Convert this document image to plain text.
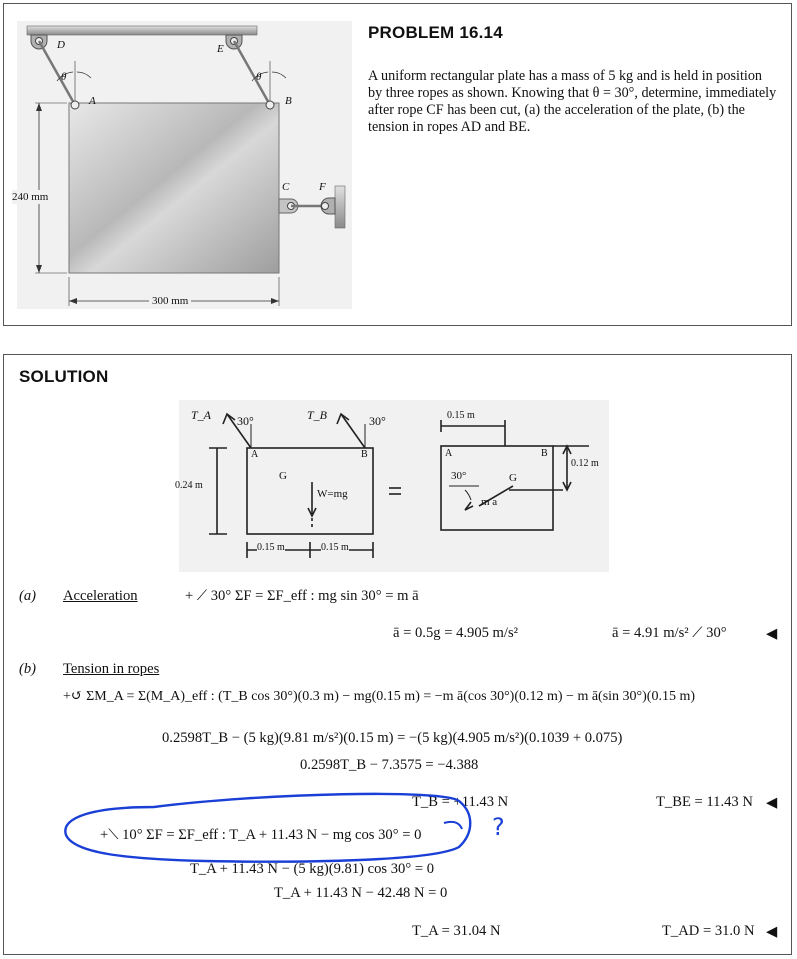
D	E
θ	θ
A	B
C	F
240 mm
300 mm
PROBLEM 16.14
A uniform rectangular plate has a mass of 5 kg and is held in position by three ropes as shown. Knowing that θ = 30°, determine, immediately after rope CF has been cut, (a) the acceleration of the plate, (b) the tension in ropes AD and BE.
SOLUTION
T_A 30°	T_B	30°
A	B
G
W=mg
0.24 m
0.15 m	0.15 m
0.15 m
0.12 m
A	B
G
30°
m a
(a) Acceleration	+ ⟋ 30° ΣF = ΣF_eff : mg sin 30° = m ā
ā = 0.5g = 4.905 m/s²	ā = 4.91 m/s² ⟋ 30°	◀
(b) Tension in ropes
+↺ ΣM_A = Σ(M_A)_eff : (T_B cos 30°)(0.3 m) − mg(0.15 m) = −m ā(cos 30°)(0.12 m) − m ā(sin 30°)(0.15 m)
0.2598T_B − (5 kg)(9.81 m/s²)(0.15 m) = −(5 kg)(4.905 m/s²)(0.1039 + 0.075)
0.2598T_B − 7.3575 = −4.388
T_B = +11.43 N	T_BE = 11.43 N ◀
+⟍ 10° ΣF = ΣF_eff : T_A + 11.43 N − mg cos 30° = 0
T_A + 11.43 N − (5 kg)(9.81) cos 30° = 0
T_A + 11.43 N − 42.48 N = 0
T_A = 31.04 N	T_AD = 31.0 N ◀
?
